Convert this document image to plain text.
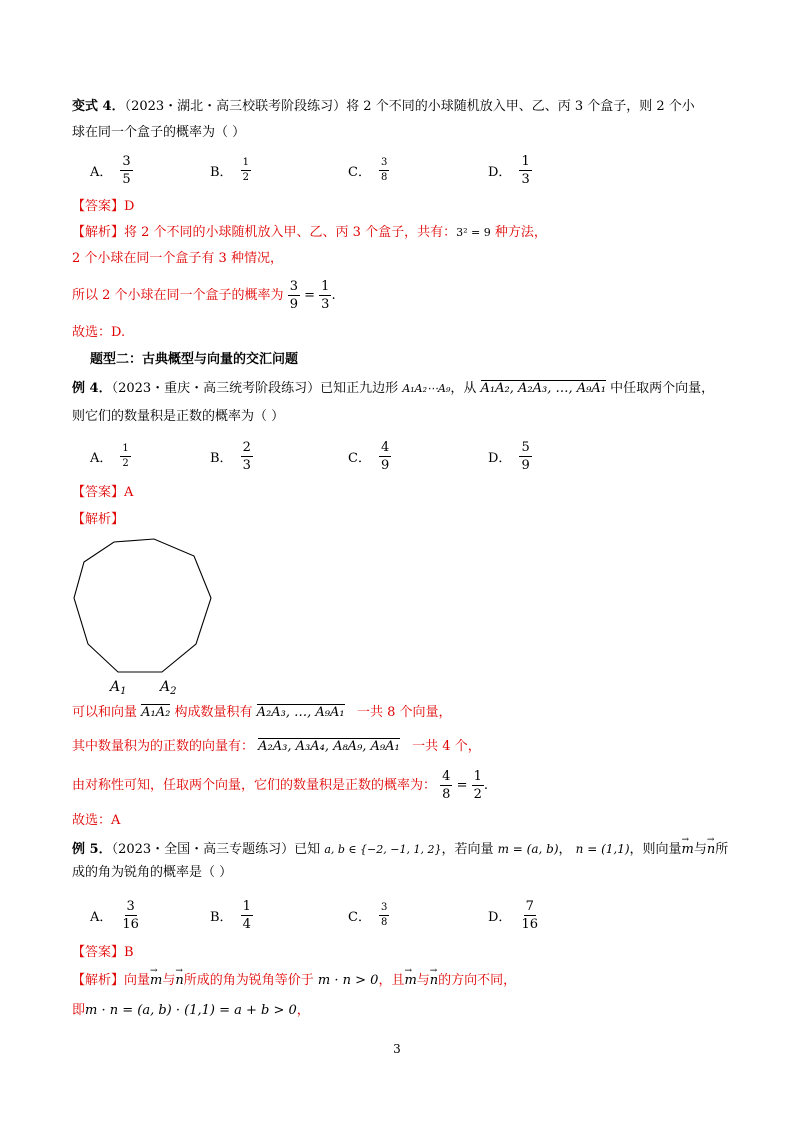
变式 4．（2023・湖北・高三校联考阶段练习）将 2 个不同的小球随机放入甲、乙、丙 3 个盒子，则 2 个小
球在同一个盒子的概率为（ ）
A． $\frac{3}{5}$	B． $\frac{1}{2}$	C． $\frac{3}{8}$	D． $\frac{1}{3}$
【答案】D
【解析】将 2 个不同的小球随机放入甲、乙、丙 3 个盒子，共有：3² = 9 种方法，
2 个小球在同一个盒子有 3 种情况，
所以 2 个小球在同一个盒子的概率为 $\frac{3}{9} = \frac{1}{3}$ .
故选：D.
题型二：古典概型与向量的交汇问题
例 4．（2023・重庆・高三统考阶段练习）已知正九边形 A₁A₂⋯A₉，从 A₁A₂, A₂A₃, …, A₉A₁ 中任取两个向量，
则它们的数量积是正数的概率为（ ）
A． $\frac{1}{2}$	B． $\frac{2}{3}$	C． $\frac{4}{9}$	D． $\frac{5}{9}$
【答案】A
【解析】
$A_1$ $A_2$
可以和向量 A₁A₂ 构成数量积有 A₂A₃, …, A₉A₁ 一共 8 个向量，
其中数量积为的正数的向量有： A₂A₃, A₃A₄, A₈A₉, A₉A₁ 一共 4 个，
由对称性可知，任取两个向量，它们的数量积是正数的概率为： $\frac{4}{8} = \frac{1}{2}$ .
故选：A
例 5．（2023・全国・高三专题练习）已知 a, b ∈ {−2, −1, 1, 2}，若向量 m = (a, b)， n = (1,1)，则向量→ m与→ n所
成的角为锐角的概率是（ ）
A． $\frac{3}{16}$	B． $\frac{1}{4}$	C． $\frac{3}{8}$	D． $\frac{7}{16}$
【答案】B
【解析】向量→ m与→ n所成的角为锐角等价于 m · n > 0，且→ m与→ n的方向不同，
即m · n = (a, b) · (1,1) = a + b > 0，
3
